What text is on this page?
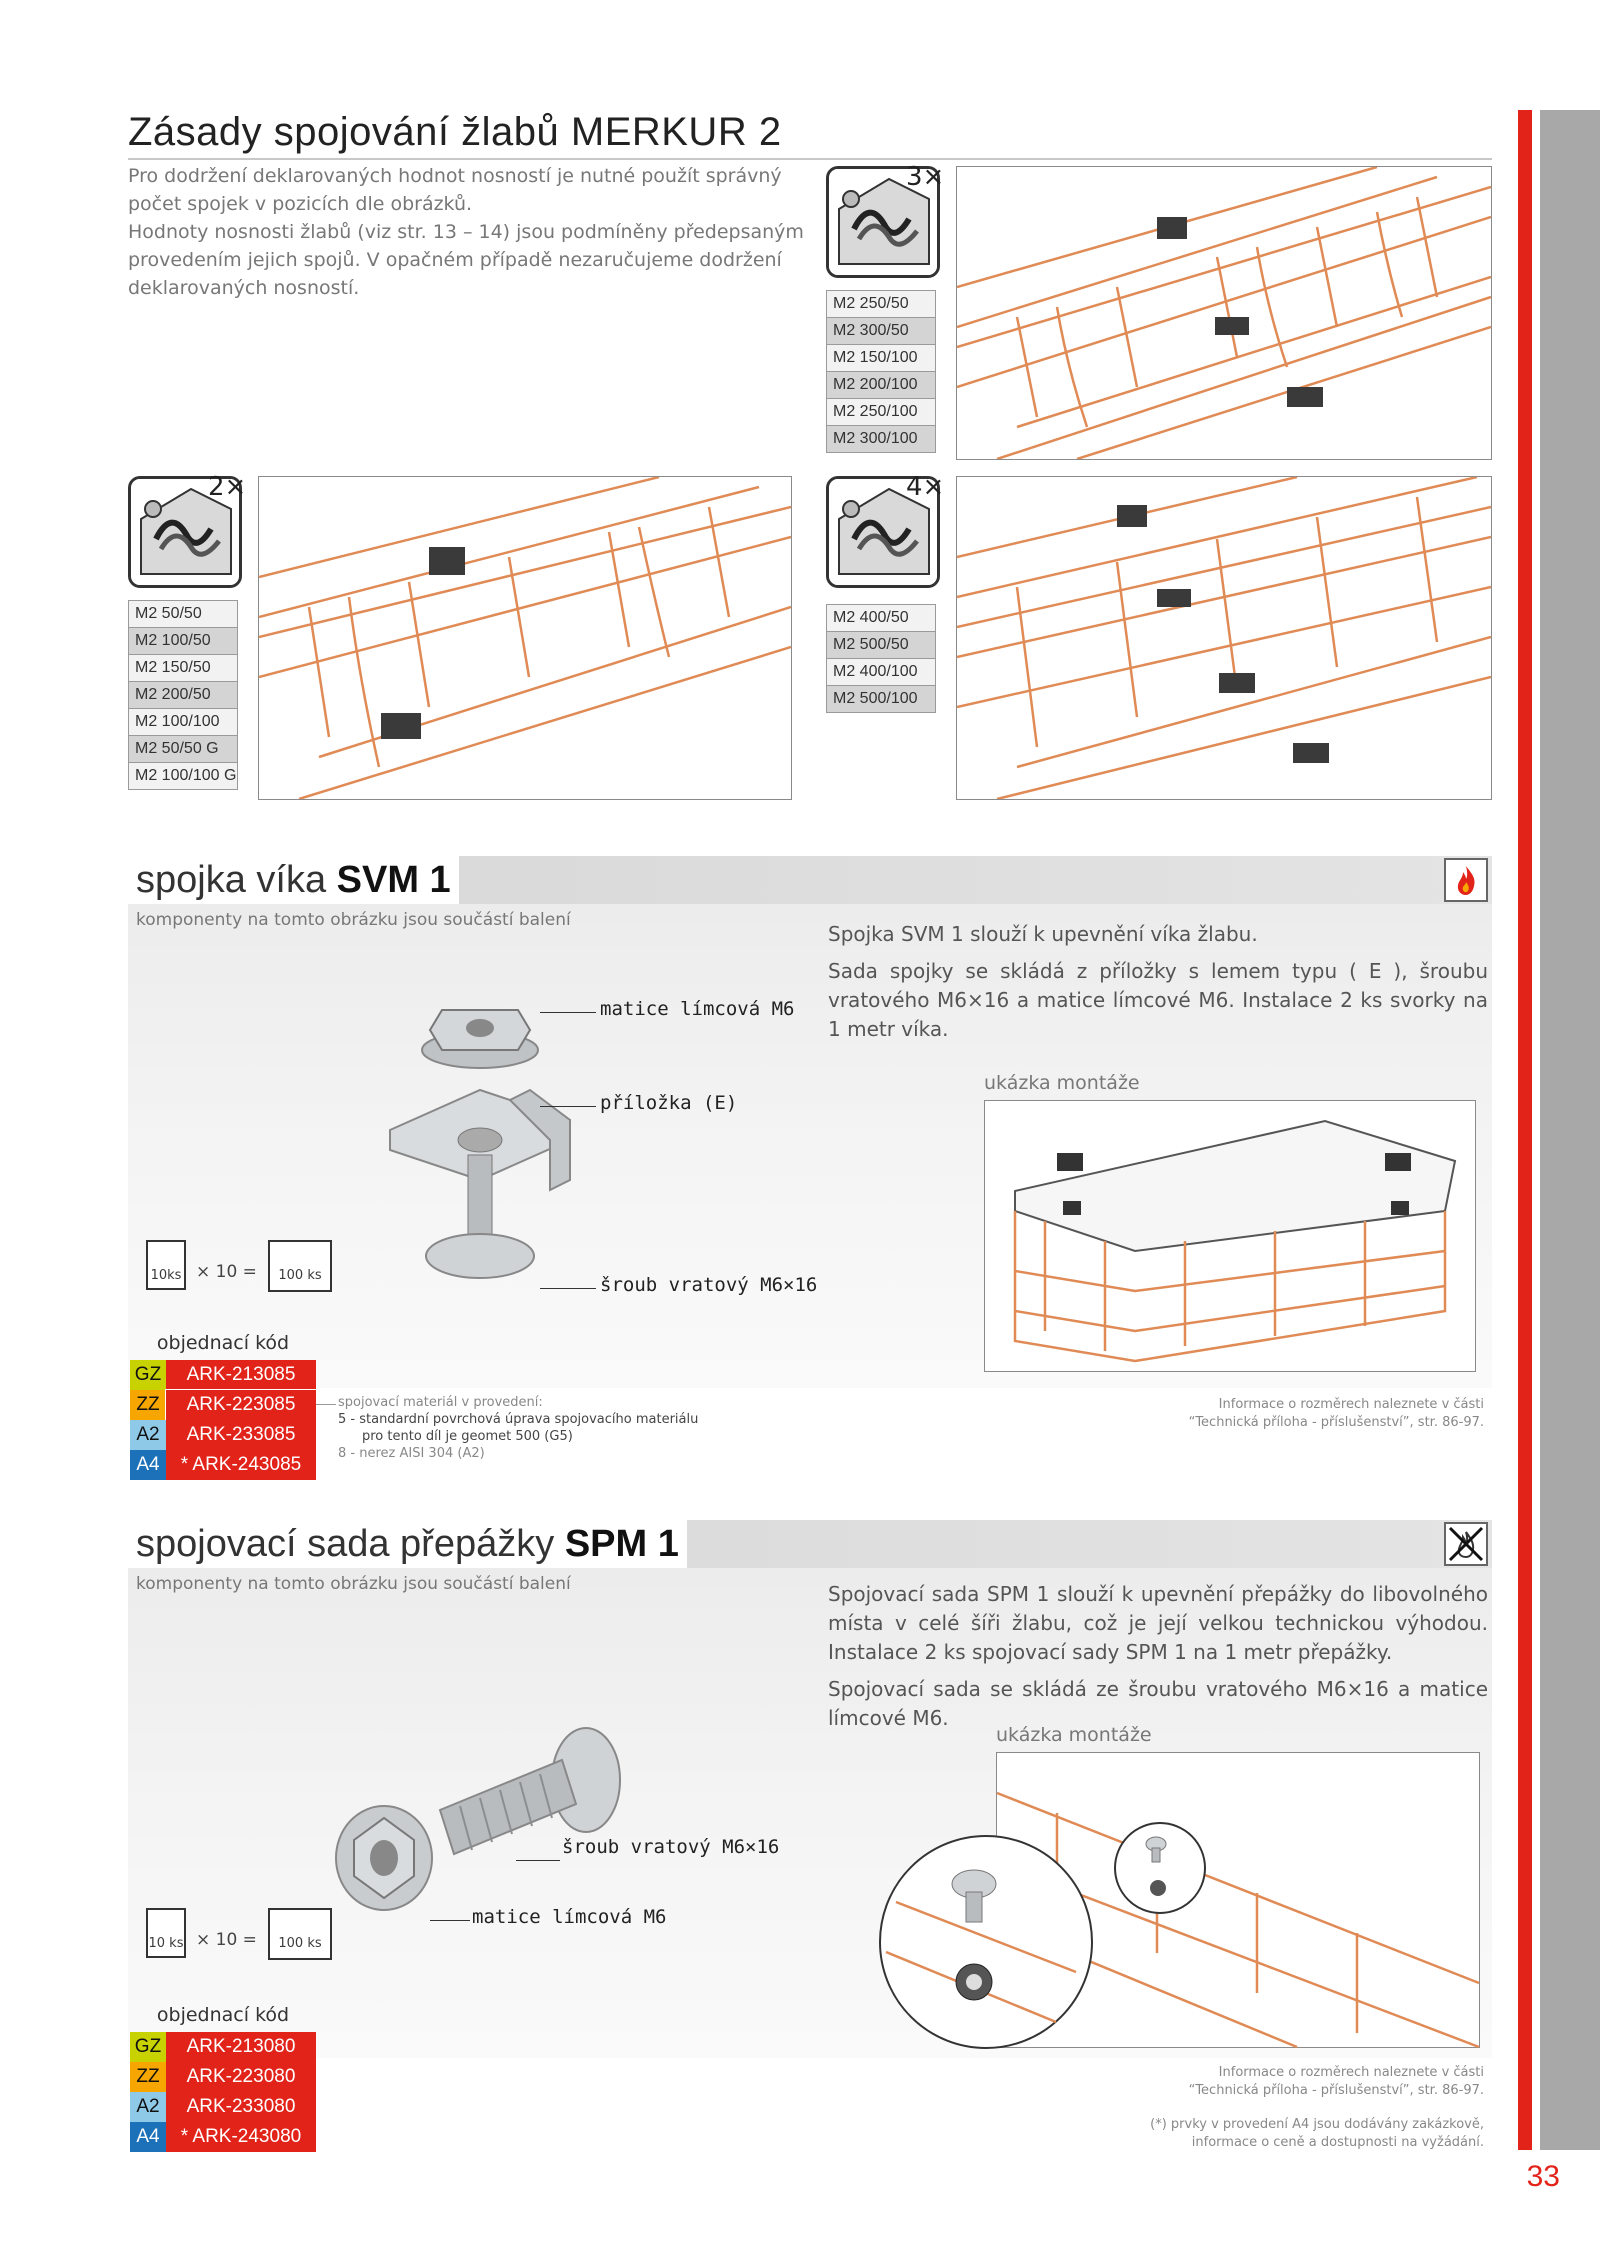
33
Zásady spojování žlabů MERKUR 2

Pro dodržení deklarovaných hodnot nosností je nutné použít správný počet spojek v pozicích dle obrázků.

Hodnoty nosnosti žlabů (viz str. 13 – 14) jsou podmíněny předepsaným provedením jejich spojů. V opačném případě nezaručujeme dodržení deklarovaných nosností.

3×
M2 250/50
M2 300/50
M2 150/100
M2 200/100
M2 250/100
M2 300/100
2×
M2 50/50
M2 100/50
M2 150/50
M2 200/50
M2 100/100
M2 50/50 G
M2 100/100 G
4×
M2 400/50
M2 500/50
M2 400/100
M2 500/100
spojka víka SVM 1
komponenty na tomto obrázku jsou součástí balení

Spojka SVM 1 slouží k upevnění víka žlabu.

Sada spojky se skládá z příložky s lemem typu ( E ), šroubu vratového M6×16 a matice límcové M6. Instalace 2 ks svorky na 1 metr víka.

ukázka montáže
matice límcová M6
příložka (E)
šroub vratový M6×16
10ks × 10 =	100 ks
objednací kód
GZ	ARK-213085
ZZ	ARK-223085
A2	ARK-233085
A4	* ARK-243085
spojovací materiál v provedení:
5 - standardní povrchová úprava spojovacího materiálu
pro tento díl je geomet 500 (G5)
8 - nerez AISI 304 (A2)
Informace o rozměrech naleznete v části
“Technická příloha - příslušenství”, str. 86-97.
spojovací sada přepážky SPM 1
komponenty na tomto obrázku jsou součástí balení	Spojovací sada SPM 1 slouží k upevnění přepážky do libovolného místa v celé šíři žlabu, což je její velkou technickou výhodou. Instalace 2 ks spojovací sady SPM 1 na 1 metr přepážky.

Spojovací sada se skládá ze šroubu vratového M6×16 a matice límcové M6.

ukázka montáže
šroub vratový M6×16
matice límcová M6
10 ks × 10 =	100 ks
objednací kód
GZ	ARK-213080
ZZ	ARK-223080
A2	ARK-233080
A4	* ARK-243080
Informace o rozměrech naleznete v části
“Technická příloha - příslušenství”, str. 86-97.
(*) prvky v provedení A4 jsou dodávány zakázkově,
informace o ceně a dostupnosti na vyžádání.
